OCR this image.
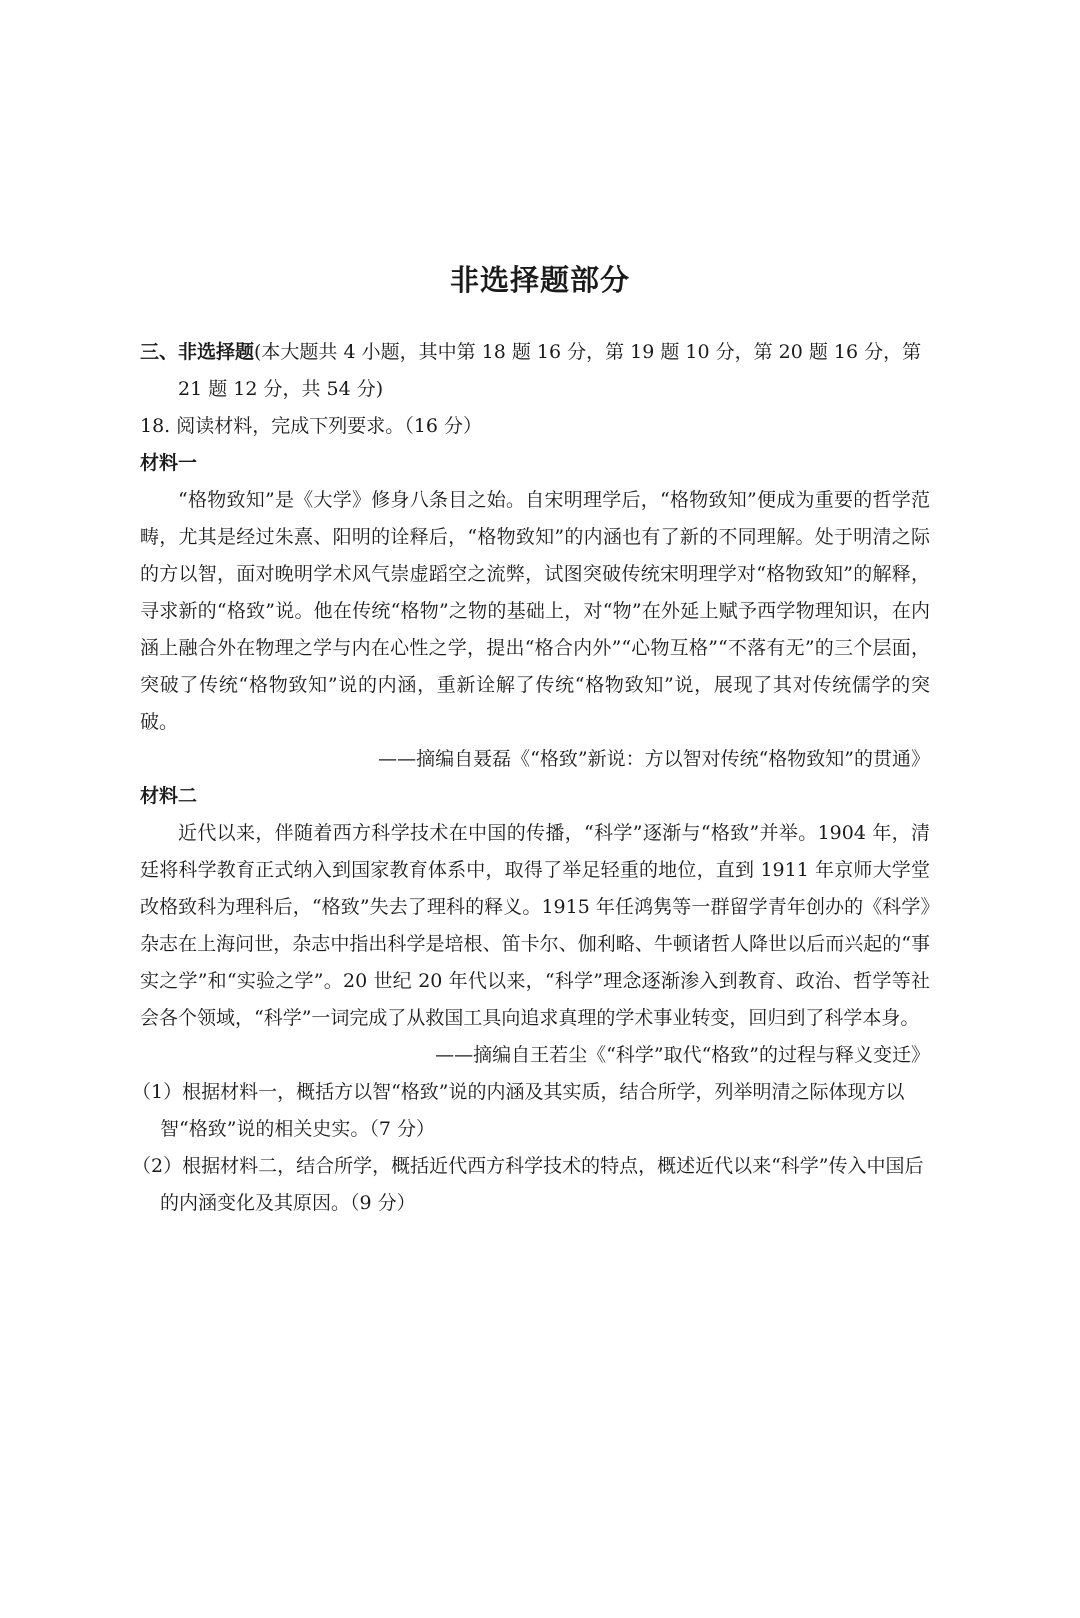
非选择题部分
三、非选择题(本大题共 4 小题，其中第 18 题 16 分，第 19 题 10 分，第 20 题 16 分，第 21 题 12 分，共 54 分)
18. 阅读材料，完成下列要求。（16 分）
材料一
“格物致知”是《大学》修身八条目之始。自宋明理学后，“格物致知”便成为重要的哲学范畴，尤其是经过朱熹、阳明的诠释后，“格物致知”的内涵也有了新的不同理解。处于明清之际的方以智，面对晚明学术风气崇虚蹈空之流弊，试图突破传统宋明理学对“格物致知”的解释，寻求新的“格致”说。他在传统“格物”之物的基础上，对“物”在外延上赋予西学物理知识，在内涵上融合外在物理之学与内在心性之学，提出“格合内外”“心物互格”“不落有无”的三个层面，突破了传统“格物致知”说的内涵，重新诠解了传统“格物致知”说，展现了其对传统儒学的突破。
——摘编自聂磊《“格致”新说：方以智对传统“格物致知”的贯通》
材料二
近代以来，伴随着西方科学技术在中国的传播，“科学”逐渐与“格致”并举。1904 年，清廷将科学教育正式纳入到国家教育体系中，取得了举足轻重的地位，直到 1911 年京师大学堂改格致科为理科后，“格致”失去了理科的释义。1915 年任鸿隽等一群留学青年创办的《科学》杂志在上海问世，杂志中指出科学是培根、笛卡尔、伽利略、牛顿诸哲人降世以后而兴起的“事实之学”和“实验之学”。20 世纪 20 年代以来，“科学”理念逐渐渗入到教育、政治、哲学等社会各个领域，“科学”一词完成了从救国工具向追求真理的学术事业转变，回归到了科学本身。
——摘编自王若尘《“科学”取代“格致”的过程与释义变迁》
（1）根据材料一，概括方以智“格致”说的内涵及其实质，结合所学，列举明清之际体现方以智“格致”说的相关史实。（7 分）
（2）根据材料二，结合所学，概括近代西方科学技术的特点，概述近代以来“科学”传入中国后的内涵变化及其原因。（9 分）
